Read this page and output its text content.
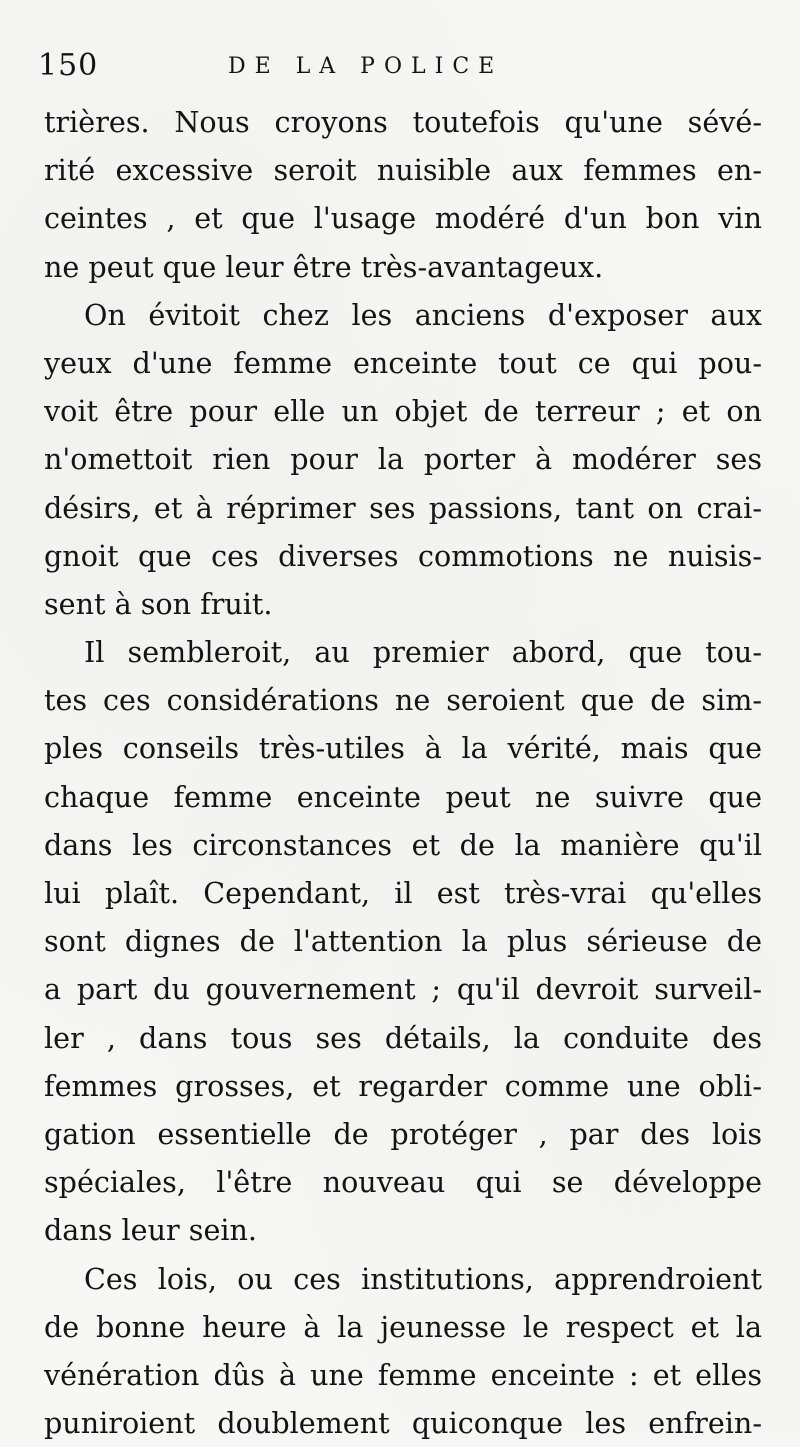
150	DE LA POLICE
trières. Nous croyons toutefois qu'une sévé-
rité excessive seroit nuisible aux femmes en-
ceintes , et que l'usage modéré d'un bon vin
ne peut que leur être très-avantageux.
On évitoit chez les anciens d'exposer aux
yeux d'une femme enceinte tout ce qui pou-
voit être pour elle un objet de terreur ; et on
n'omettoit rien pour la porter à modérer ses
désirs, et à réprimer ses passions, tant on crai-
gnoit que ces diverses commotions ne nuisis-
sent à son fruit.
Il sembleroit, au premier abord, que tou-
tes ces considérations ne seroient que de sim-
ples conseils très-utiles à la vérité, mais que
chaque femme enceinte peut ne suivre que
dans les circonstances et de la manière qu'il
lui plaît. Cependant, il est très-vrai qu'elles
sont dignes de l'attention la plus sérieuse de
a part du gouvernement ; qu'il devroit surveil-
ler , dans tous ses détails, la conduite des
femmes grosses, et regarder comme une obli-
gation essentielle de protéger , par des lois
spéciales, l'être nouveau qui se développe
dans leur sein.
Ces lois, ou ces institutions, apprendroient
de bonne heure à la jeunesse le respect et la
vénération dûs à une femme enceinte : et elles
puniroient doublement quiconque les enfrein-
